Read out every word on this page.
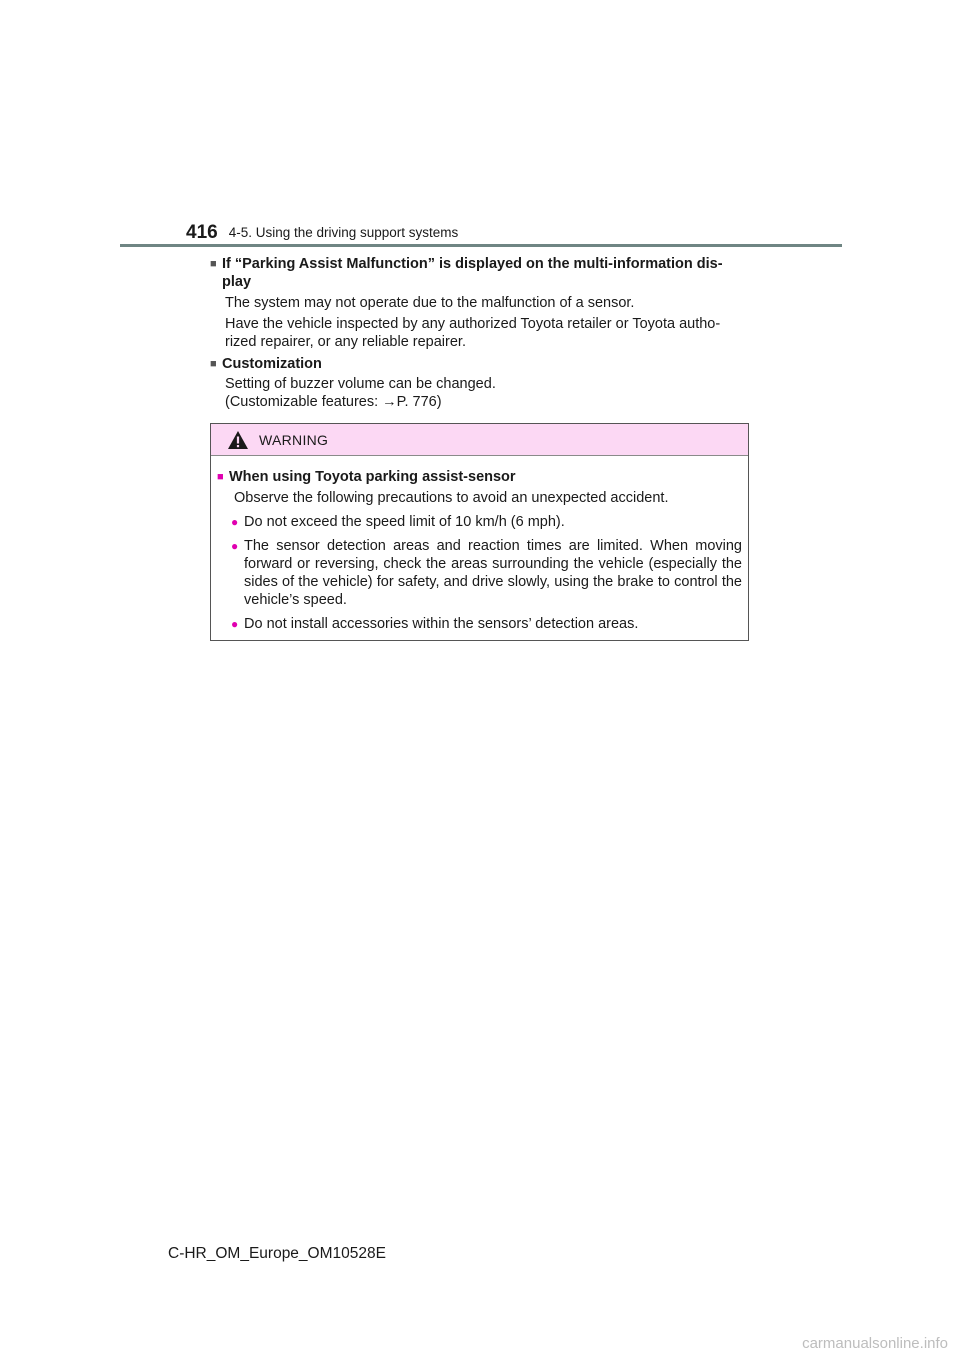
416 4-5. Using the driving support systems
■ If “Parking Assist Malfunction” is displayed on the multi-information dis-play
The system may not operate due to the malfunction of a sensor.
Have the vehicle inspected by any authorized Toyota retailer or Toyota autho-rized repairer, or any reliable repairer.
■ Customization
Setting of buzzer volume can be changed.
(Customizable features: →P. 776)
WARNING
■ When using Toyota parking assist-sensor
Observe the following precautions to avoid an unexpected accident.
● Do not exceed the speed limit of 10 km/h (6 mph).
● The sensor detection areas and reaction times are limited. When moving forward or reversing, check the areas surrounding the vehicle (especially the sides of the vehicle) for safety, and drive slowly, using the brake to control the vehicle’s speed.
● Do not install accessories within the sensors’ detection areas.
C-HR_OM_Europe_OM10528E
carmanualsonline.info
